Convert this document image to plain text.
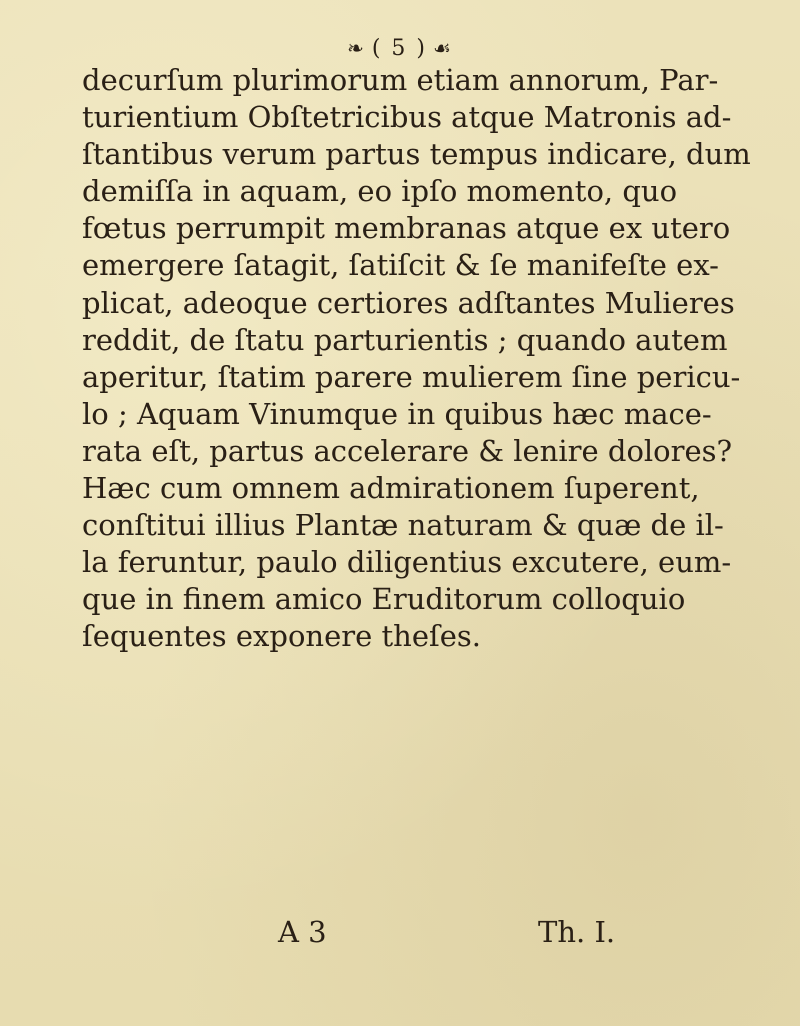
❧ ( 5 ) ☙
decurſum plurimorum etiam annorum, Par-
turientium Obſtetricibus atque Matronis ad-
ſtantibus verum partus tempus indicare, dum
demiſſa in aquam, eo ipſo momento, quo
fœtus perrumpit membranas atque ex utero
emergere ſatagit, ſatiſcit & ſe manifeſte ex-
plicat, adeoque certiores adſtantes Mulieres
reddit, de ſtatu parturientis ; quando autem
aperitur, ſtatim parere mulierem ſine pericu-
lo ; Aquam Vinumque in quibus hæc mace-
rata eſt, partus accelerare & lenire dolores?
Hæc cum omnem admirationem ſuperent,
conſtitui illius Plantæ naturam & quæ de il-
la feruntur, paulo diligentius excutere, eum-
que in finem amico Eruditorum colloquio
ſequentes exponere theſes.
A 3	Th. I.
